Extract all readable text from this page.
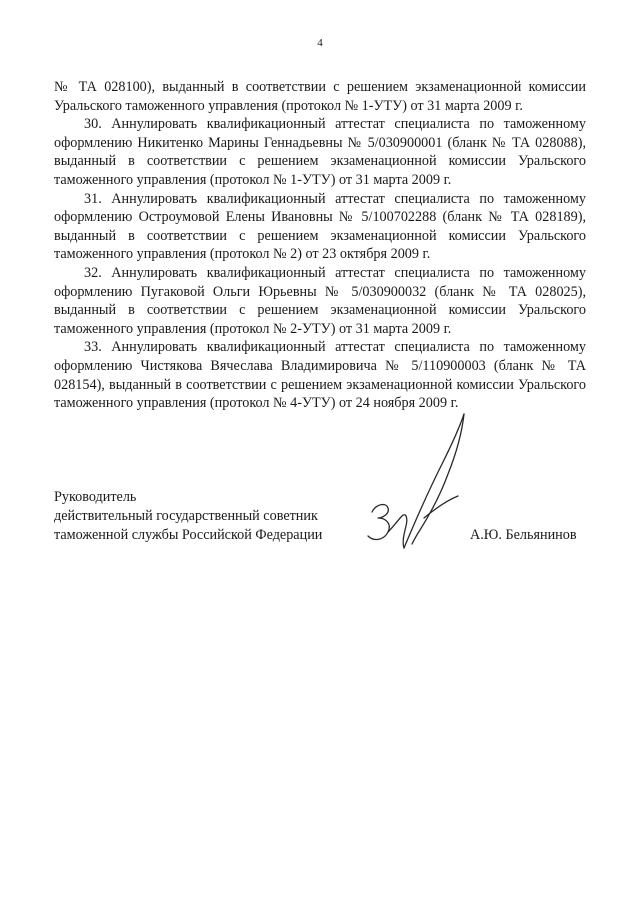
4

№ ТА 028100), выданный в соответствии с решением экзаменационной комиссии Уральского таможенного управления (протокол № 1-УТУ) от 31 марта 2009 г.

30. Аннулировать квалификационный аттестат специалиста по таможенному оформлению Никитенко Марины Геннадьевны № 5/030900001 (бланк № ТА 028088), выданный в соответствии с решением экзаменационной комиссии Уральского таможенного управления (протокол № 1-УТУ) от 31 марта 2009 г.

31. Аннулировать квалификационный аттестат специалиста по таможенному оформлению Остроумовой Елены Ивановны № 5/100702288 (бланк № ТА 028189), выданный в соответствии с решением экзаменационной комиссии Уральского таможенного управления (протокол № 2) от 23 октября 2009 г.

32. Аннулировать квалификационный аттестат специалиста по таможенному оформлению Пугаковой Ольги Юрьевны № 5/030900032 (бланк № ТА 028025), выданный в соответствии с решением экзаменационной комиссии Уральского таможенного управления (протокол № 2-УТУ) от 31 марта 2009 г.

33. Аннулировать квалификационный аттестат специалиста по таможенному оформлению Чистякова Вячеслава Владимировича № 5/110900003 (бланк № ТА 028154), выданный в соответствии с решением экзаменационной комиссии Уральского таможенного управления (протокол № 4-УТУ) от 24 ноября 2009 г.

Руководитель
действительный государственный советник
таможенной службы Российской Федерации	А.Ю. Бельянинов
